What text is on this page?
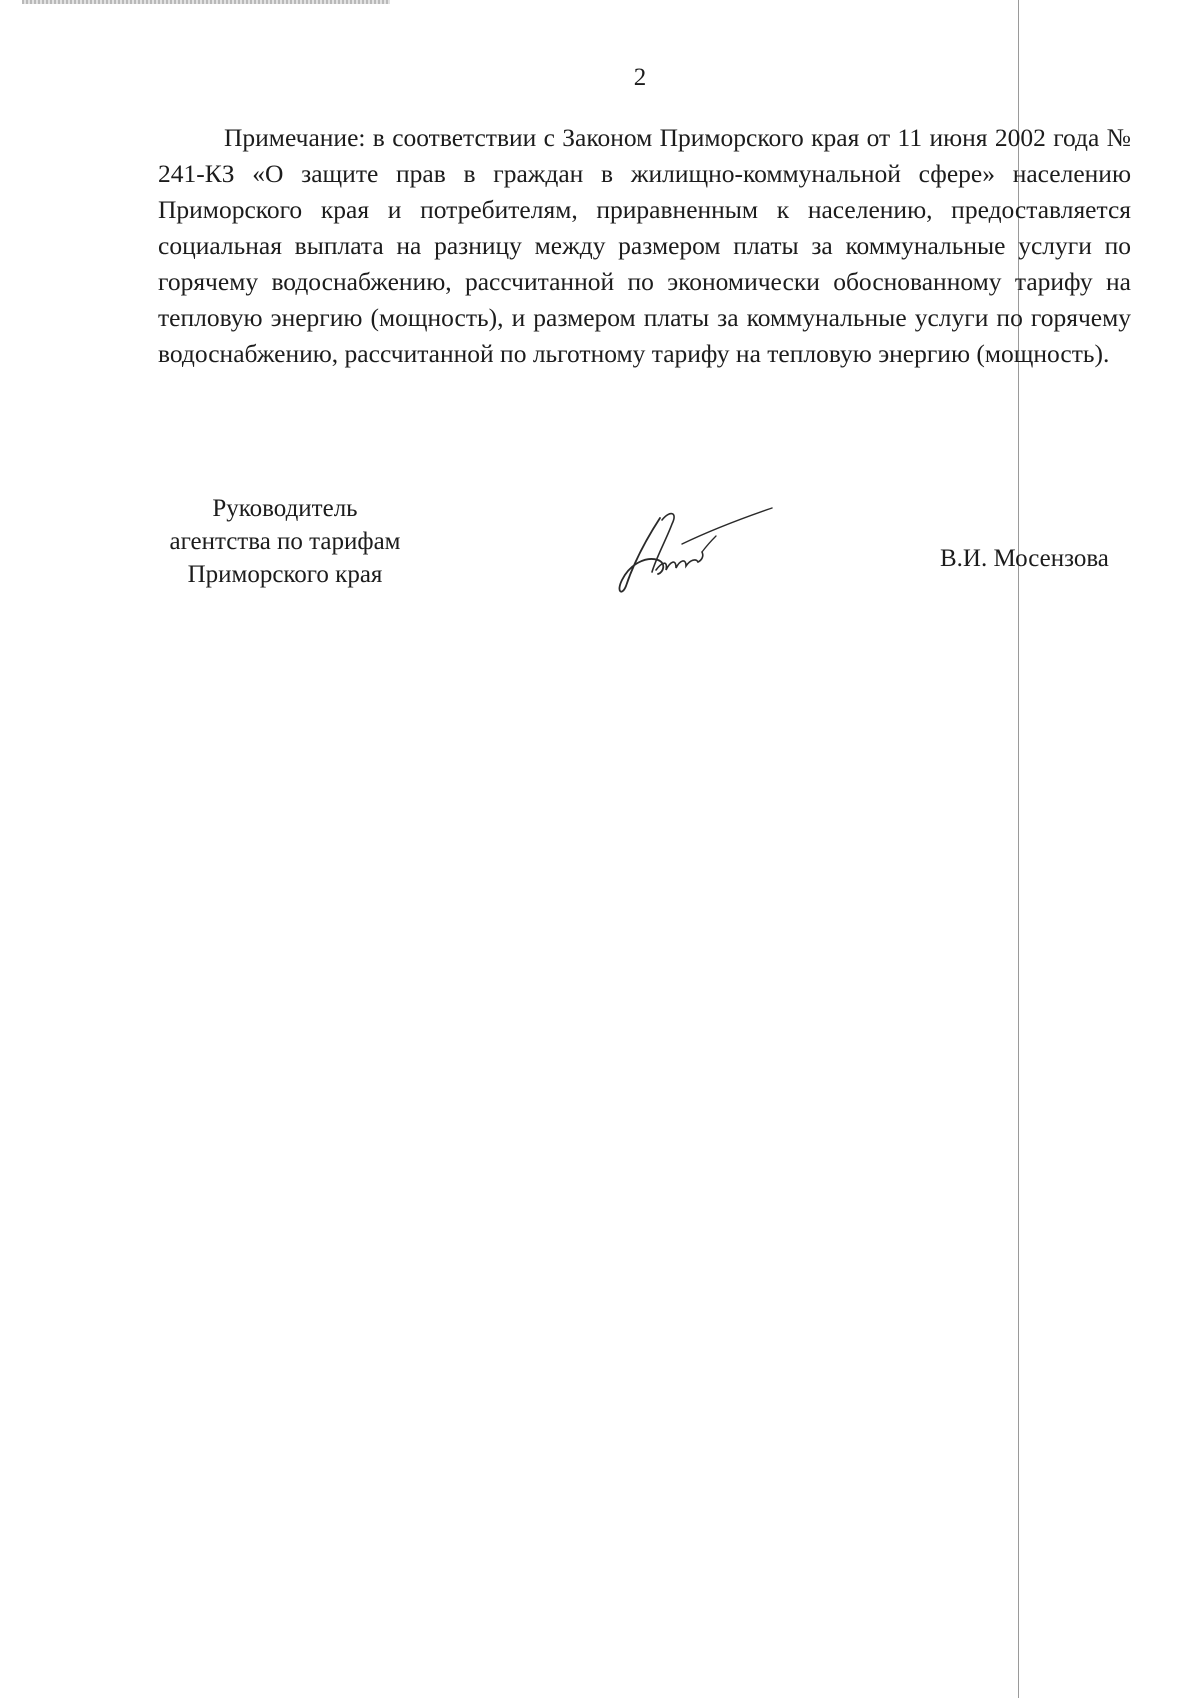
2

Примечание: в соответствии с Законом Приморского края от 11 июня 2002 года № 241-КЗ «О защите прав в граждан в жилищно-коммунальной сфере» населению Приморского края и потребителям, приравненным к населению, предоставляется социальная выплата на разницу между размером платы за коммунальные услуги по горячему водоснабжению, рассчитанной по экономически обоснованному тарифу на тепловую энергию (мощность), и размером платы за коммунальные услуги по горячему водоснабжению, рассчитанной по льготному тарифу на тепловую энергию (мощность).

Руководитель
агентства по тарифам
Приморского края
В.И. Мосензова
